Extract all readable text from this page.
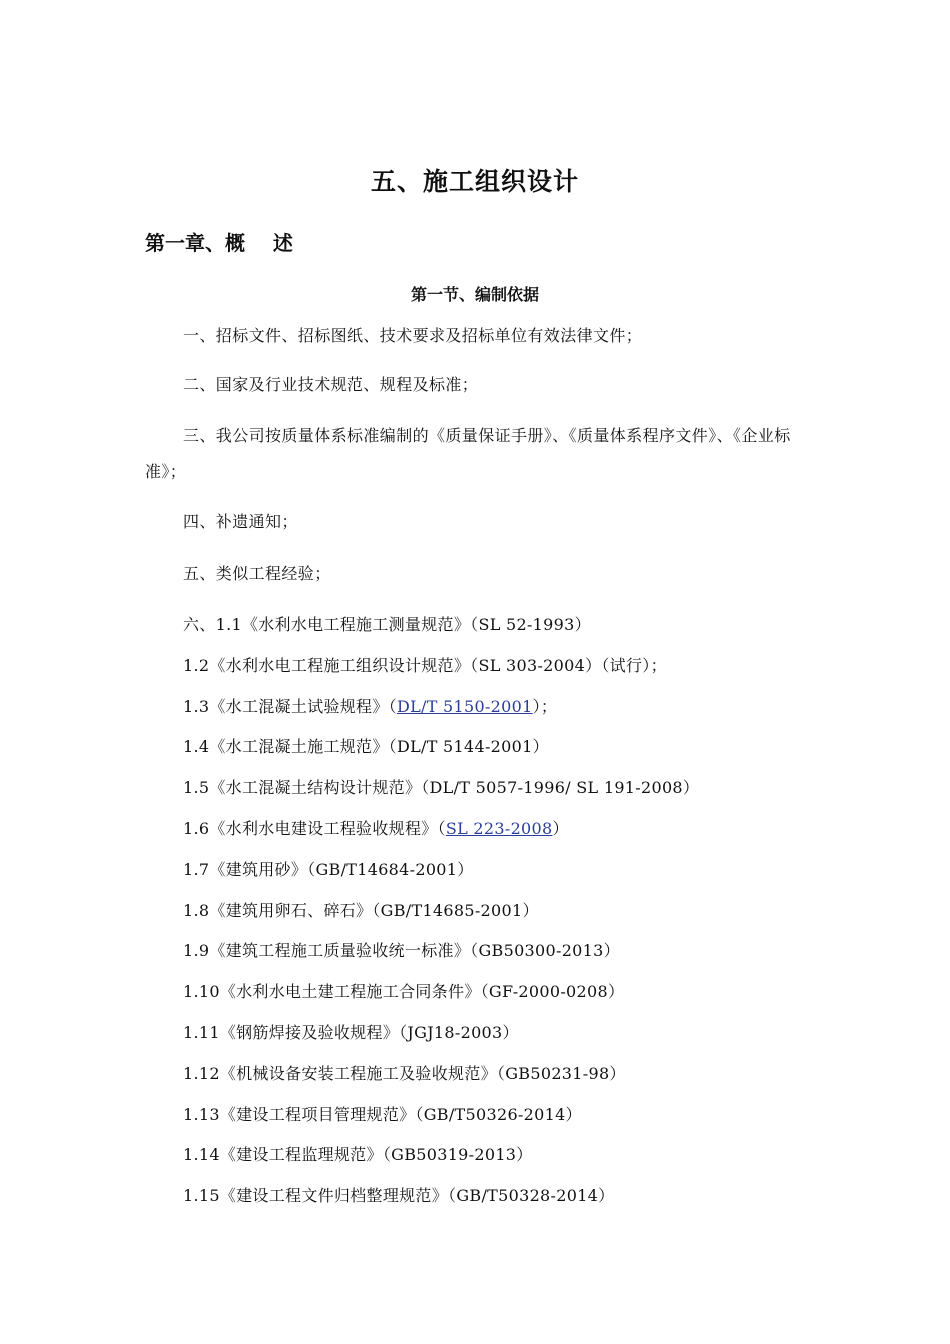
五、施工组织设计
第一章、概    述
第一节、编制依据
一、招标文件、招标图纸、技术要求及招标单位有效法律文件；
二、国家及行业技术规范、规程及标准；
三、我公司按质量体系标准编制的《质量保证手册》、《质量体系程序文件》、《企业标准》；
四、补遗通知；
五、类似工程经验；
六、1.1《水利水电工程施工测量规范》（SL 52-1993）
1.2《水利水电工程施工组织设计规范》（SL 303-2004）（试行）；
1.3《水工混凝土试验规程》（DL/T 5150-2001）；
1.4《水工混凝土施工规范》（DL/T 5144-2001）
1.5《水工混凝土结构设计规范》（DL/T 5057-1996/ SL 191-2008）
1.6《水利水电建设工程验收规程》（SL 223-2008）
1.7《建筑用砂》（GB/T14684-2001）
1.8《建筑用卵石、碎石》（GB/T14685-2001）
1.9《建筑工程施工质量验收统一标准》（GB50300-2013）
1.10《水利水电土建工程施工合同条件》（GF-2000-0208）
1.11《钢筋焊接及验收规程》（JGJ18-2003）
1.12《机械设备安装工程施工及验收规范》（GB50231-98）
1.13《建设工程项目管理规范》（GB/T50326-2014）
1.14《建设工程监理规范》（GB50319-2013）
1.15《建设工程文件归档整理规范》（GB/T50328-2014）
